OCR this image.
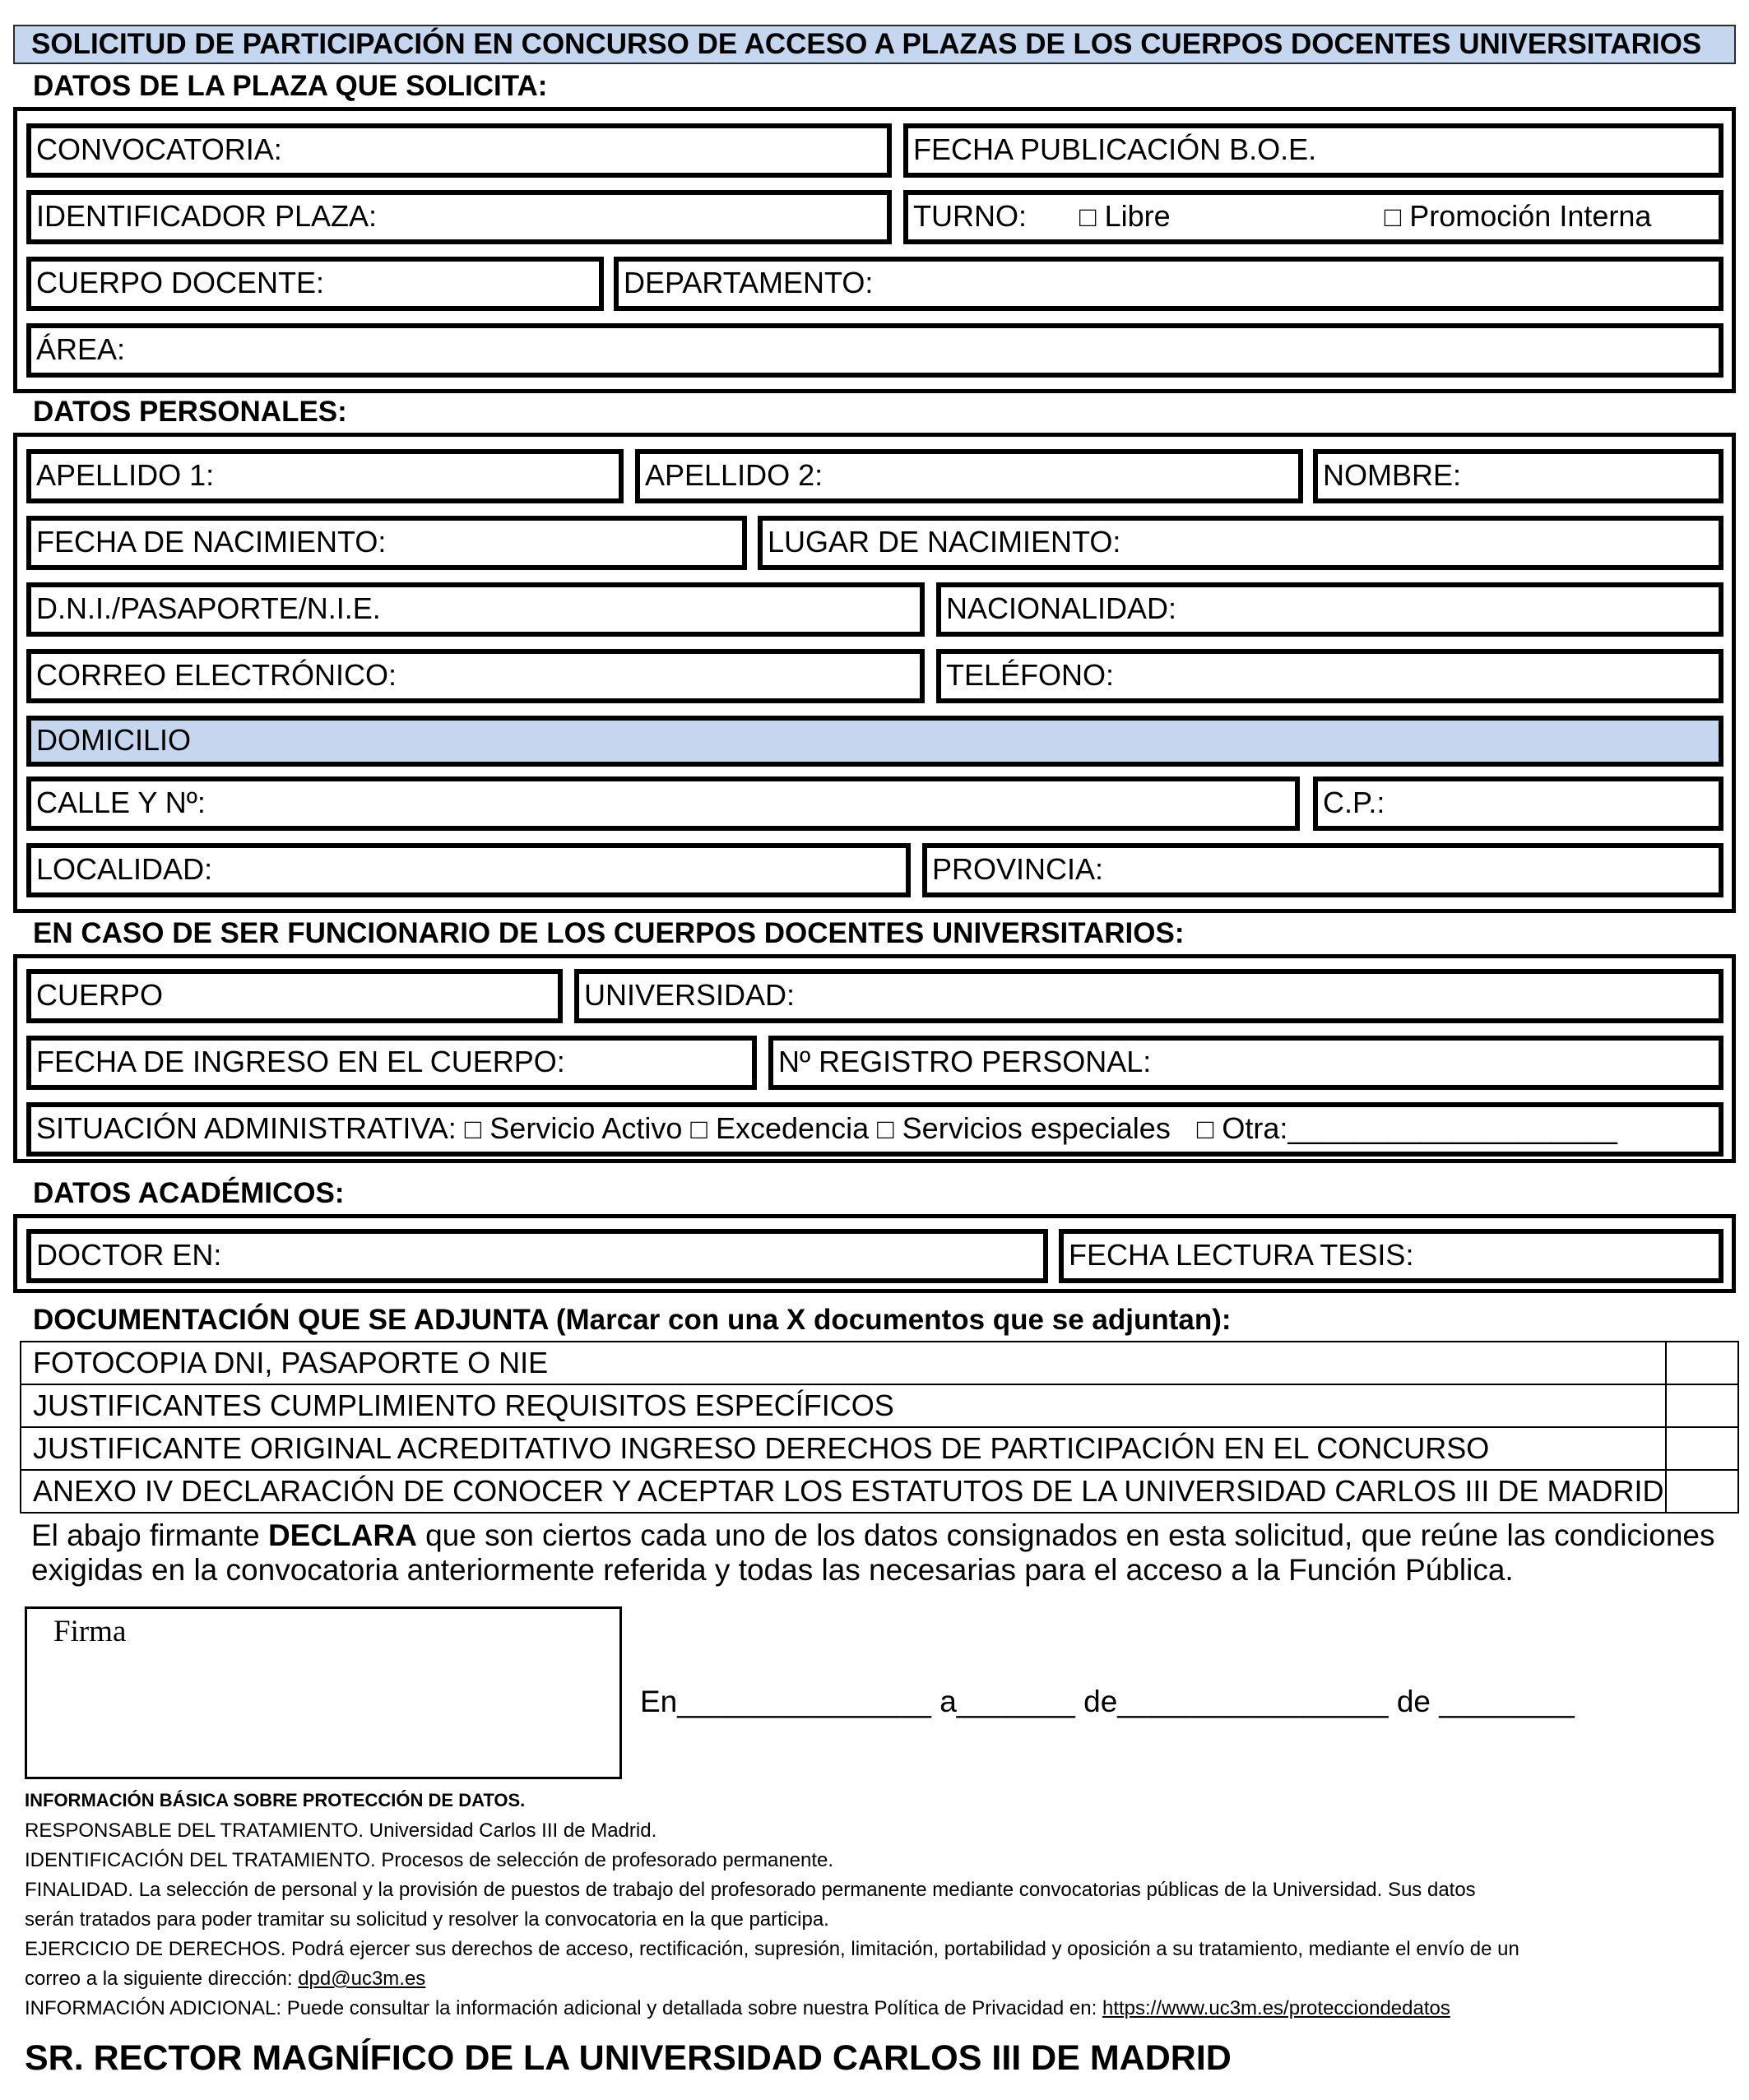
SOLICITUD DE PARTICIPACIÓN EN CONCURSO DE ACCESO A PLAZAS DE LOS CUERPOS DOCENTES UNIVERSITARIOS
DATOS DE LA PLAZA QUE SOLICITA:
CONVOCATORIA:	FECHA PUBLICACIÓN B.O.E.
IDENTIFICADOR PLAZA:	TURNO: □ Libre	□ Promoción Interna
CUERPO DOCENTE:	DEPARTAMENTO:
ÁREA:
DATOS PERSONALES:
APELLIDO 1:	APELLIDO 2:	NOMBRE:
FECHA DE NACIMIENTO:	LUGAR DE NACIMIENTO:
D.N.I./PASAPORTE/N.I.E.	NACIONALIDAD:
CORREO ELECTRÓNICO:	TELÉFONO:
DOMICILIO
CALLE Y Nº:	C.P.:
LOCALIDAD:	PROVINCIA:
EN CASO DE SER FUNCIONARIO DE LOS CUERPOS DOCENTES UNIVERSITARIOS:
CUERPO	UNIVERSIDAD:
FECHA DE INGRESO EN EL CUERPO:	Nº REGISTRO PERSONAL:
SITUACIÓN ADMINISTRATIVA: □ Servicio Activo □ Excedencia □ Servicios especiales □ Otra:____________________
DATOS ACADÉMICOS:
DOCTOR EN:	FECHA LECTURA TESIS:
DOCUMENTACIÓN QUE SE ADJUNTA (Marcar con una X documentos que se adjuntan):
FOTOCOPIA DNI, PASAPORTE O NIE	
JUSTIFICANTES CUMPLIMIENTO REQUISITOS ESPECÍFICOS	
JUSTIFICANTE ORIGINAL ACREDITATIVO INGRESO DERECHOS DE PARTICIPACIÓN EN EL CONCURSO	
ANEXO IV DECLARACIÓN DE CONOCER Y ACEPTAR LOS ESTATUTOS DE LA UNIVERSIDAD CARLOS III DE MADRID	
El abajo firmante DECLARA que son ciertos cada uno de los datos consignados en esta solicitud, que reúne las condiciones exigidas en la convocatoria anteriormente referida y todas las necesarias para el acceso a la Función Pública.
Firma
En_______________ a_______ de________________ de ________
INFORMACIÓN BÁSICA SOBRE PROTECCIÓN DE DATOS.
RESPONSABLE DEL TRATAMIENTO. Universidad Carlos III de Madrid.
IDENTIFICACIÓN DEL TRATAMIENTO. Procesos de selección de profesorado permanente.
FINALIDAD. La selección de personal y la provisión de puestos de trabajo del profesorado permanente mediante convocatorias públicas de la Universidad. Sus datos
serán tratados para poder tramitar su solicitud y resolver la convocatoria en la que participa.
EJERCICIO DE DERECHOS. Podrá ejercer sus derechos de acceso, rectificación, supresión, limitación, portabilidad y oposición a su tratamiento, mediante el envío de un
correo a la siguiente dirección: dpd@uc3m.es
INFORMACIÓN ADICIONAL: Puede consultar la información adicional y detallada sobre nuestra Política de Privacidad en: https://www.uc3m.es/protecciondedatos
SR. RECTOR MAGNÍFICO DE LA UNIVERSIDAD CARLOS III DE MADRID
